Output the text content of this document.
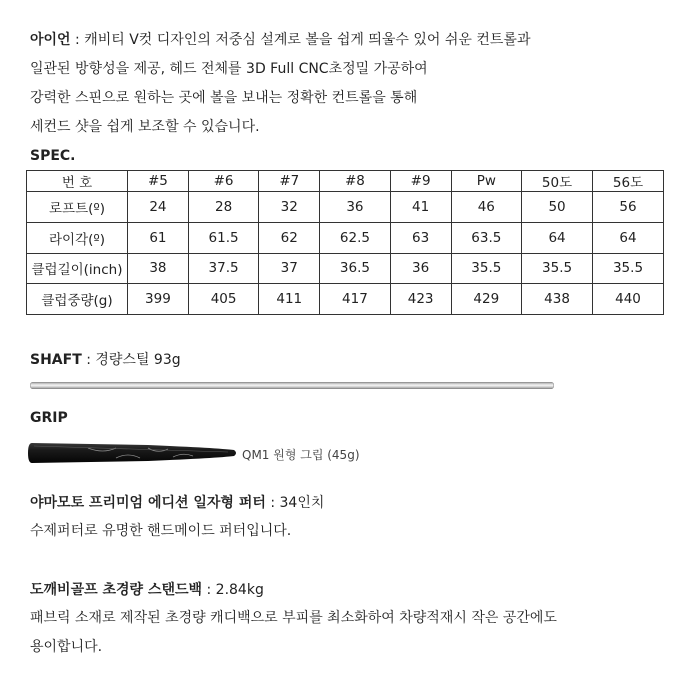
아이언 : 캐비티 V컷 디자인의 저중심 설계로 볼을 쉽게 띄울수 있어 쉬운 컨트롤과
일관된 방향성을 제공, 헤드 전체를 3D Full CNC초정밀 가공하여
강력한 스핀으로 원하는 곳에 볼을 보내는 정확한 컨트롤을 통해
세컨드 샷을 쉽게 보조할 수 있습니다.
SPEC.
번 호	#5	#6	#7	#8	#9	Pw	50도	56도
로프트(º)	24	28	32	36	41	46	50	56
라이각(º)	61	61.5	62	62.5	63	63.5	64	64
클럽길이(inch)	38	37.5	37	36.5	36	35.5	35.5	35.5
클럽중량(g)	399	405	411	417	423	429	438	440
SHAFT : 경량스틸 93g
GRIP
QM1 원형 그립 (45g)
야마모토 프리미엄 에디션 일자형 퍼터 : 34인치
수제퍼터로 유명한 핸드메이드 퍼터입니다.
도깨비골프 초경량 스탠드백 : 2.84kg
패브릭 소재로 제작된 초경량 캐디백으로 부피를 최소화하여 차량적재시 작은 공간에도
용이합니다.
